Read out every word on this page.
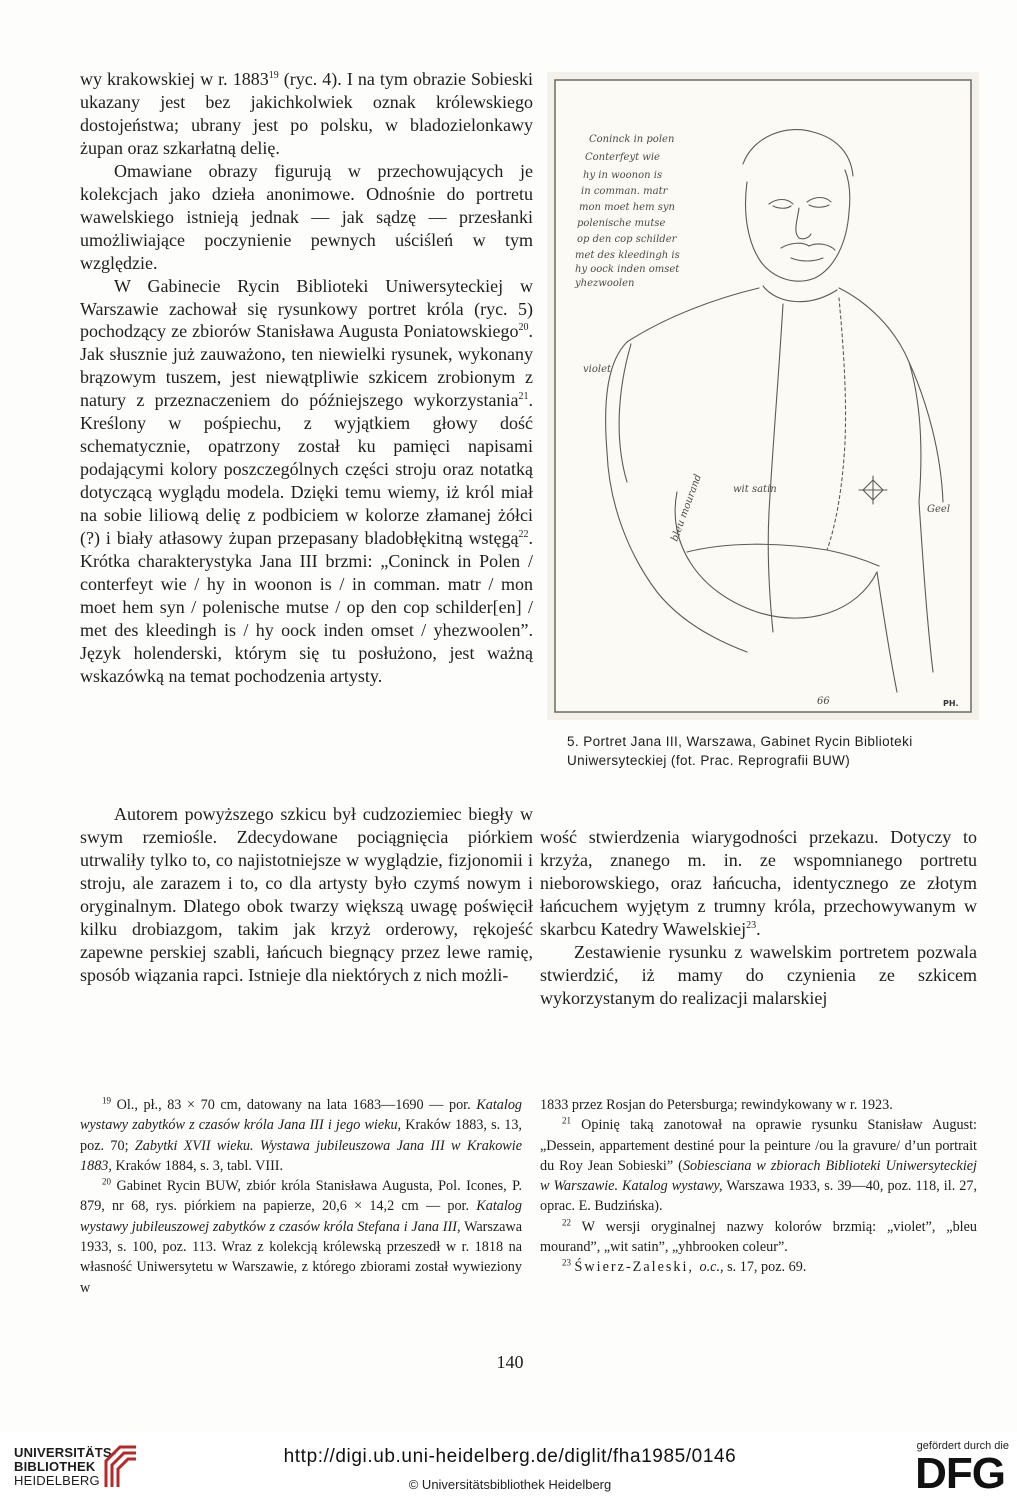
wy krakowskiej w r. 1883$^{19}$ (ryc. 4). I na tym obrazie Sobieski ukazany jest bez jakichkolwiek oznak królewskiego dostojeństwa; ubrany jest po polsku, w bladozielonkawy żupan oraz szkarłatną delię.

Omawiane obrazy figurują w przechowujących je kolekcjach jako dzieła anonimowe. Odnośnie do portretu wawelskiego istnieją jednak — jak sądzę — przesłanki umożliwiające poczynienie pewnych uściśleń w tym względzie.

W Gabinecie Rycin Biblioteki Uniwersyteckiej w Warszawie zachował się rysunkowy portret króla (ryc. 5) pochodzący ze zbiorów Stanisława Augusta Poniatowskiego$^{20}$. Jak słusznie już zauważono, ten niewielki rysunek, wykonany brązowym tuszem, jest niewątpliwie szkicem zrobionym z natury z przeznaczeniem do późniejszego wykorzystania$^{21}$. Kreślony w pośpiechu, z wyjątkiem głowy dość schematycznie, opatrzony został ku pamięci napisami podającymi kolory poszczególnych części stroju oraz notatką dotyczącą wyglądu modela. Dzięki temu wiemy, iż król miał na sobie liliową delię z podbiciem w kolorze złamanej żółci (?) i biały atłasowy żupan przepasany bladobłękitną wstęgą$^{22}$. Krótka charakterystyka Jana III brzmi: „Coninck in Polen / conterfeyt wie / hy in woonon is / in comman. matr / mon moet hem syn / polenische mutse / op den cop schilder[en] / met des kleedingh is / hy oock inden omset / yhezwoolen”. Język holenderski, którym się tu posłużono, jest ważną wskazówką na temat pochodzenia artysty.

Coninck in polen
Conterfeyt wie
hy in woonon is
in comman. matr
mon moet hem syn
polenische mutse
op den cop schilder
met des kleedingh is
hy oock inden omset
yhezwoolen
violet
wit satin
bleu mourand	Geel
66	PH.
5. Portret Jana III, Warszawa, Gabinet Rycin Biblioteki Uniwersyteckiej (fot. Prac. Reprografii BUW)

Autorem powyższego szkicu był cudzoziemiec biegły w swym rzemiośle. Zdecydowane pociągnięcia piórkiem utrwaliły tylko to, co najistotniejsze w wyglądzie, fizjonomii i stroju, ale zarazem i to, co dla artysty było czymś nowym i oryginalnym. Dlatego obok twarzy większą uwagę poświęcił kilku drobiazgom, takim jak krzyż orderowy, rękojeść zapewne perskiej szabli, łańcuch biegnący przez lewe ramię, sposób wiązania rapci. Istnieje dla niektórych z nich możli-

wość stwierdzenia wiarygodności przekazu. Dotyczy to krzyża, znanego m. in. ze wspomnianego portretu nieborowskiego, oraz łańcucha, identycznego ze złotym łańcuchem wyjętym z trumny króla, przechowywanym w skarbcu Katedry Wawelskiej$^{23}$.

Zestawienie rysunku z wawelskim portretem pozwala stwierdzić, iż mamy do czynienia ze szkicem wykorzystanym do realizacji malarskiej

$^{19}$ Ol., pł., 83 × 70 cm, datowany na lata 1683—1690 — por. Katalog wystawy zabytków z czasów króla Jana III i jego wieku, Kraków 1883, s. 13, poz. 70; Zabytki XVII wieku. Wystawa jubileuszowa Jana III w Krakowie 1883, Kraków 1884, s. 3, tabl. VIII.

$^{20}$ Gabinet Rycin BUW, zbiór króla Stanisława Augusta, Pol. Icones, P. 879, nr 68, rys. piórkiem na papierze, 20,6 × 14,2 cm — por. Katalog wystawy jubileuszowej zabytków z czasów króla Stefana i Jana III, Warszawa 1933, s. 100, poz. 113. Wraz z kolekcją królewską przeszedł w r. 1818 na własność Uniwersytetu w Warszawie, z którego zbiorami został wywieziony w

1833 przez Rosjan do Petersburga; rewindykowany w r. 1923.

$^{21}$ Opinię taką zanotował na oprawie rysunku Stanisław August: „Dessein, appartement destiné pour la peinture /ou la gravure/ d’un portrait du Roy Jean Sobieski” (Sobiesciana w zbiorach Biblioteki Uniwersyteckiej w Warszawie. Katalog wystawy, Warszawa 1933, s. 39—40, poz. 118, il. 27, oprac. E. Budzińska).

$^{22}$ W wersji oryginalnej nazwy kolorów brzmią: „violet”, „bleu mourand”, „wit satin”, „yhbrooken coleur”.

$^{23}$ Świerz-Zaleski, o.c., s. 17, poz. 69.

140
UNIVERSITÄTS-
BIBLIOTHEK
HEIDELBERG
http://digi.ub.uni-heidelberg.de/diglit/fha1985/0146
© Universitätsbibliothek Heidelberg
gefördert durch die
DFG
